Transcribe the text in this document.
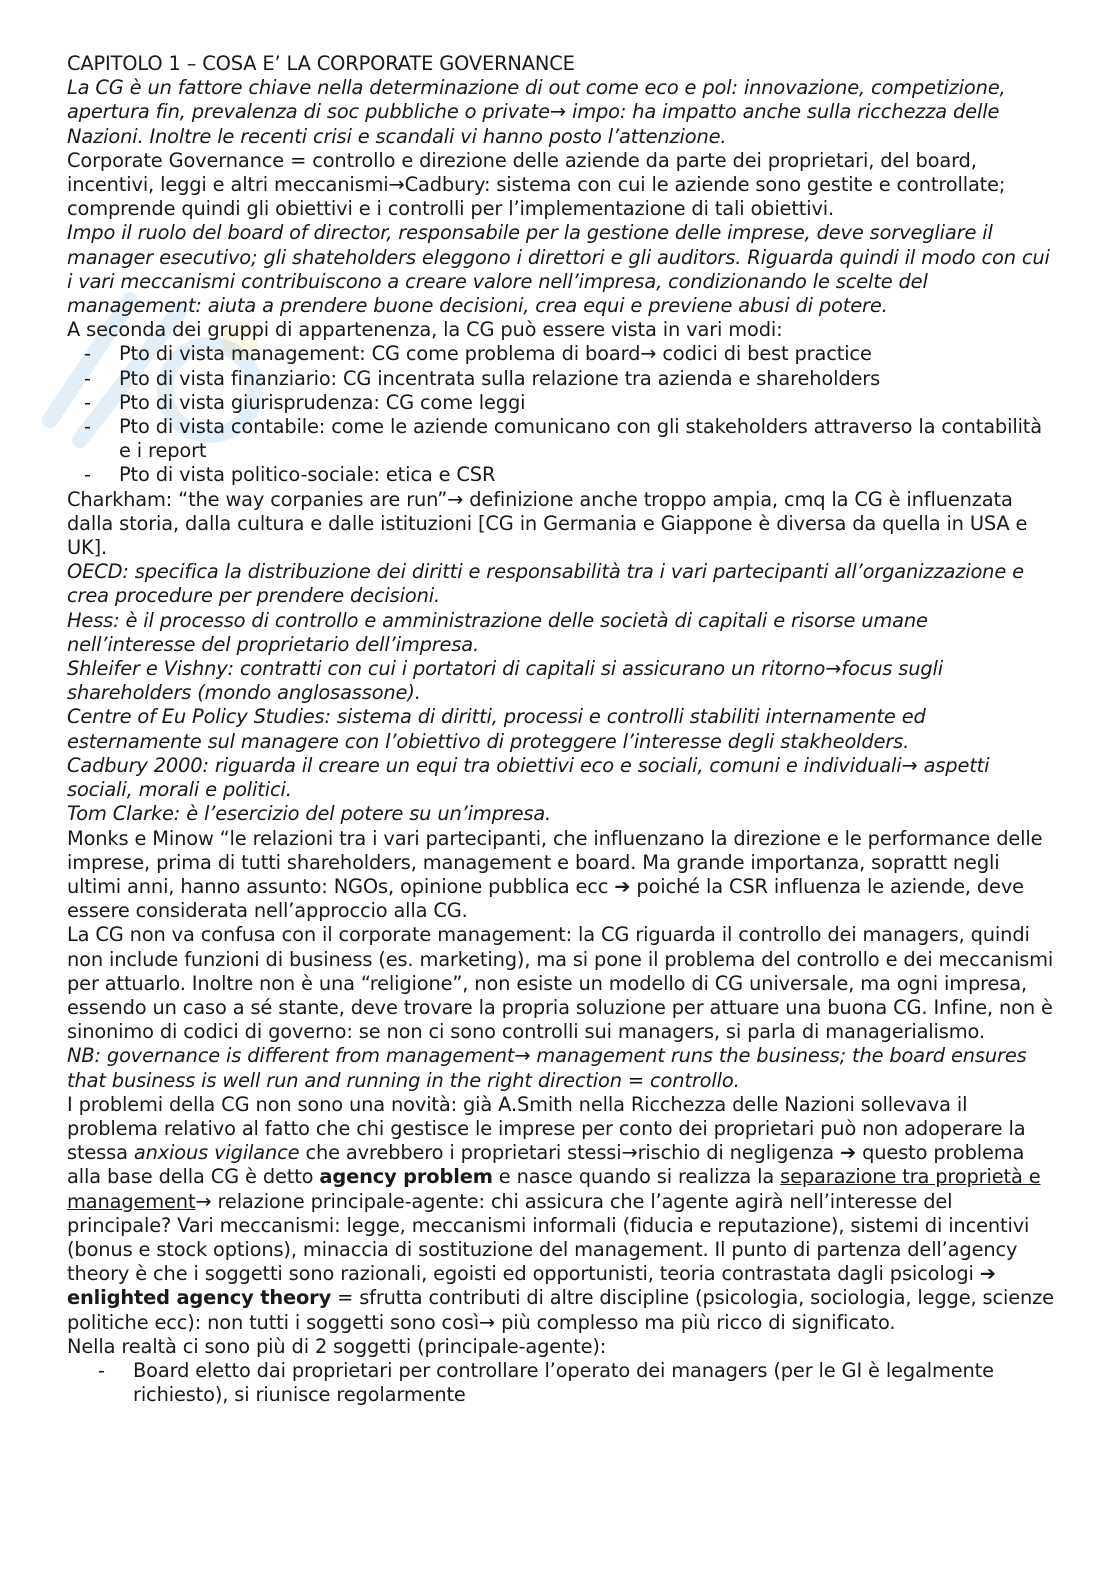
CAPITOLO 1 – COSA E’ LA CORPORATE GOVERNANCE

La CG è un fattore chiave nella determinazione di out come eco e pol: innovazione, competizione, apertura fin, prevalenza di soc pubbliche o private→ impo: ha impatto anche sulla ricchezza delle Nazioni. Inoltre le recenti crisi e scandali vi hanno posto l’attenzione.

Corporate Governance = controllo e direzione delle aziende da parte dei proprietari, del board, incentivi, leggi e altri meccanismi→Cadbury: sistema con cui le aziende sono gestite e controllate; comprende quindi gli obiettivi e i controlli per l’implementazione di tali obiettivi.

Impo il ruolo del board of director, responsabile per la gestione delle imprese, deve sorvegliare il manager esecutivo; gli shateholders eleggono i direttori e gli auditors. Riguarda quindi il modo con cui i vari meccanismi contribuiscono a creare valore nell’impresa, condizionando le scelte del management: aiuta a prendere buone decisioni, crea equi e previene abusi di potere.

A seconda dei gruppi di appartenenza, la CG può essere vista in vari modi:

- Pto di vista management: CG come problema di board→ codici di best practice
- Pto di vista finanziario: CG incentrata sulla relazione tra azienda e shareholders
- Pto di vista giurisprudenza: CG come leggi
- Pto di vista contabile: come le aziende comunicano con gli stakeholders attraverso la contabilità e i report
- Pto di vista politico-sociale: etica e CSR

Charkham: “the way corpanies are run”→ definizione anche troppo ampia, cmq la CG è influenzata dalla storia, dalla cultura e dalle istituzioni [CG in Germania e Giappone è diversa da quella in USA e UK].

OECD: specifica la distribuzione dei diritti e responsabilità tra i vari partecipanti all’organizzazione e crea procedure per prendere decisioni.

Hess: è il processo di controllo e amministrazione delle società di capitali e risorse umane nell’interesse del proprietario dell’impresa.

Shleifer e Vishny: contratti con cui i portatori di capitali si assicurano un ritorno→focus sugli shareholders (mondo anglosassone).

Centre of Eu Policy Studies: sistema di diritti, processi e controlli stabiliti internamente ed esternamente sul managere con l’obiettivo di proteggere l’interesse degli stakheolders.

Cadbury 2000: riguarda il creare un equi tra obiettivi eco e sociali, comuni e individuali→ aspetti sociali, morali e politici.

Tom Clarke: è l’esercizio del potere su un’impresa.

Monks e Minow “le relazioni tra i vari partecipanti, che influenzano la direzione e le performance delle imprese, prima di tutti shareholders, management e board. Ma grande importanza, soprattt negli ultimi anni, hanno assunto: NGOs, opinione pubblica ecc ➔ poiché la CSR influenza le aziende, deve essere considerata nell’approccio alla CG.

La CG non va confusa con il corporate management: la CG riguarda il controllo dei managers, quindi non include funzioni di business (es. marketing), ma si pone il problema del controllo e dei meccanismi per attuarlo. Inoltre non è una “religione”, non esiste un modello di CG universale, ma ogni impresa, essendo un caso a sé stante, deve trovare la propria soluzione per attuare una buona CG. Infine, non è sinonimo di codici di governo: se non ci sono controlli sui managers, si parla di managerialismo.

NB: governance is different from management→ management runs the business; the board ensures that business is well run and running in the right direction = controllo.

I problemi della CG non sono una novità: già A.Smith nella Ricchezza delle Nazioni sollevava il problema relativo al fatto che chi gestisce le imprese per conto dei proprietari può non adoperare la stessa anxious vigilance che avrebbero i proprietari stessi→rischio di negligenza ➔ questo problema alla base della CG è detto agency problem e nasce quando si realizza la separazione tra proprietà e management→ relazione principale-agente: chi assicura che l’agente agirà nell’interesse del principale? Vari meccanismi: legge, meccanismi informali (fiducia e reputazione), sistemi di incentivi (bonus e stock options), minaccia di sostituzione del management. Il punto di partenza dell’agency theory è che i soggetti sono razionali, egoisti ed opportunisti, teoria contrastata dagli psicologi ➔ enlighted agency theory = sfrutta contributi di altre discipline (psicologia, sociologia, legge, scienze politiche ecc): non tutti i soggetti sono così→ più complesso ma più ricco di significato.

Nella realtà ci sono più di 2 soggetti (principale-agente):

- Board eletto dai proprietari per controllare l’operato dei managers (per le GI è legalmente richiesto), si riunisce regolarmente
